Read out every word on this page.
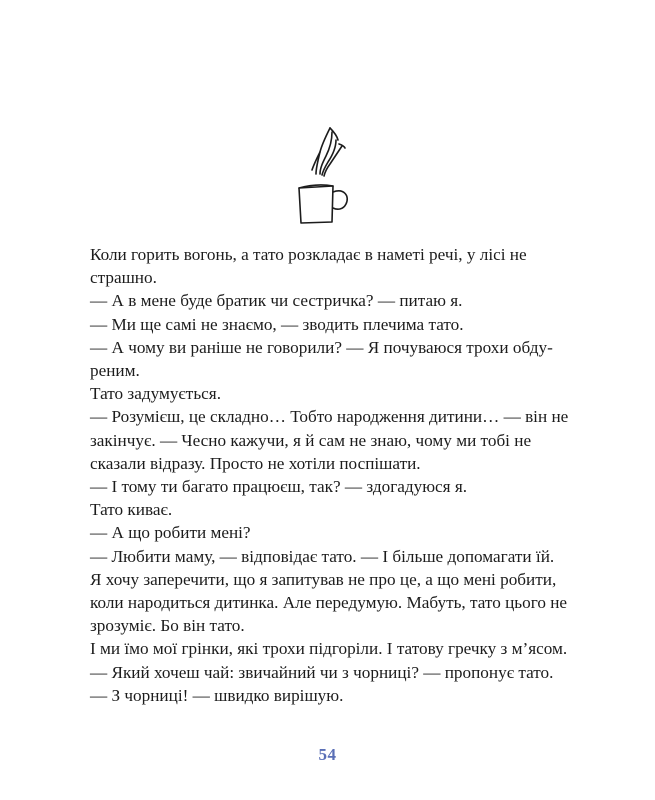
Коли горить вогонь, а тато розкладає в наметі речі, у лісі не страшно.

— А в мене буде братик чи сестричка? — питаю я.

— Ми ще самі не знаємо, — зводить плечима тато.

— А чому ви раніше не говорили? — Я почуваюся трохи обдуреним.

Тато задумується.

— Розумієш, це складно… Тобто народження дитини… — він не закінчує. — Чесно кажучи, я й сам не знаю, чому ми тобі не сказали відразу. Просто не хотіли поспішати.

— І тому ти багато працюєш, так? — здогадуюся я.

Тато киває.

— А що робити мені?

— Любити маму, — відповідає тато. — І більше допомагати їй.

Я хочу заперечити, що я запитував не про це, а що мені робити, коли народиться дитинка. Але передумую. Мабуть, тато цього не зрозуміє. Бо він тато.

І ми їмо мої грінки, які трохи підгоріли. І татову гречку з м’ясом.

— Який хочеш чай: звичайний чи з чорниці? — пропонує тато.

— З чорниці! — швидко вирішую.

54
